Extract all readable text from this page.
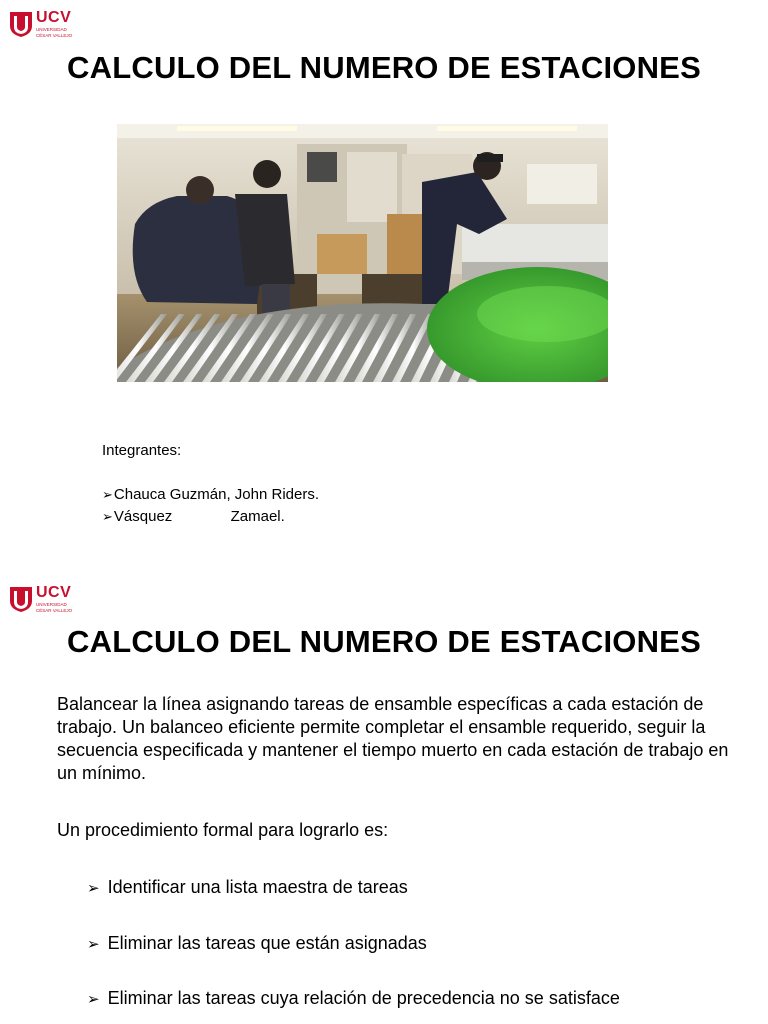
UCV
UNIVERSIDAD
CÉSAR VALLEJO
CALCULO DEL NUMERO DE ESTACIONES
Integrantes:
➢Chauca Guzmán, John Riders.
➢Vásquez              Zamael.
UCV
UNIVERSIDAD
CÉSAR VALLEJO
CALCULO DEL NUMERO DE ESTACIONES

Balancear la línea asignando tareas de ensamble específicas a cada estación de trabajo. Un balanceo eficiente permite completar el ensamble requerido, seguir la secuencia especificada y mantener el tiempo muerto en cada estación de trabajo en un mínimo.

Un procedimiento formal para lograrlo es:

➢ Identificar una lista maestra de tareas
➢ Eliminar las tareas que están asignadas
➢ Eliminar las tareas cuya relación de precedencia no se satisface
